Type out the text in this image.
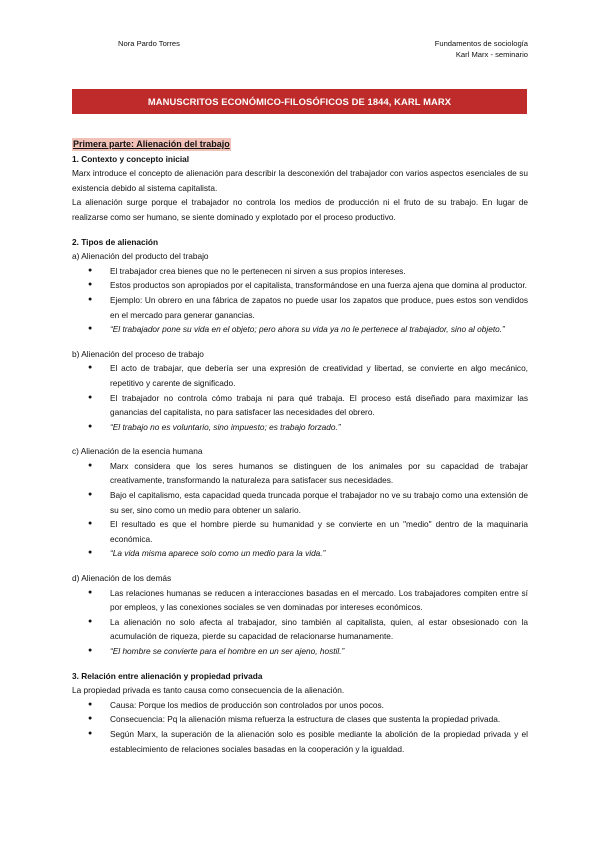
Nora Pardo Torres	Fundamentos de sociología
Karl Marx - seminario
MANUSCRITOS ECONÓMICO-FILOSÓFICOS DE 1844, KARL MARX
Primera parte: Alienación del trabajo

1. Contexto y concepto inicial

Marx introduce el concepto de alienación para describir la desconexión del trabajador con varios aspectos esenciales de su existencia debido al sistema capitalista.

La alienación surge porque el trabajador no controla los medios de producción ni el fruto de su trabajo. En lugar de realizarse como ser humano, se siente dominado y explotado por el proceso productivo.

2. Tipos de alienación

a) Alienación del producto del trabajo

● El trabajador crea bienes que no le pertenecen ni sirven a sus propios intereses.
● Estos productos son apropiados por el capitalista, transformándose en una fuerza ajena que domina al productor.
● Ejemplo: Un obrero en una fábrica de zapatos no puede usar los zapatos que produce, pues estos son vendidos en el mercado para generar ganancias.
● “El trabajador pone su vida en el objeto; pero ahora su vida ya no le pertenece al trabajador, sino al objeto.”

b) Alienación del proceso de trabajo

● El acto de trabajar, que debería ser una expresión de creatividad y libertad, se convierte en algo mecánico, repetitivo y carente de significado.
● El trabajador no controla cómo trabaja ni para qué trabaja. El proceso está diseñado para maximizar las ganancias del capitalista, no para satisfacer las necesidades del obrero.
● “El trabajo no es voluntario, sino impuesto; es trabajo forzado.”

c) Alienación de la esencia humana

● Marx considera que los seres humanos se distinguen de los animales por su capacidad de trabajar creativamente, transformando la naturaleza para satisfacer sus necesidades.
● Bajo el capitalismo, esta capacidad queda truncada porque el trabajador no ve su trabajo como una extensión de su ser, sino como un medio para obtener un salario.
● El resultado es que el hombre pierde su humanidad y se convierte en un "medio" dentro de la maquinaria económica.
● “La vida misma aparece solo como un medio para la vida.”

d) Alienación de los demás

● Las relaciones humanas se reducen a interacciones basadas en el mercado. Los trabajadores compiten entre sí por empleos, y las conexiones sociales se ven dominadas por intereses económicos.
● La alienación no solo afecta al trabajador, sino también al capitalista, quien, al estar obsesionado con la acumulación de riqueza, pierde su capacidad de relacionarse humanamente.
● “El hombre se convierte para el hombre en un ser ajeno, hostil.”

3. Relación entre alienación y propiedad privada

La propiedad privada es tanto causa como consecuencia de la alienación.

● Causa: Porque los medios de producción son controlados por unos pocos.
● Consecuencia: Pq la alienación misma refuerza la estructura de clases que sustenta la propiedad privada.
● Según Marx, la superación de la alienación solo es posible mediante la abolición de la propiedad privada y el establecimiento de relaciones sociales basadas en la cooperación y la igualdad.
